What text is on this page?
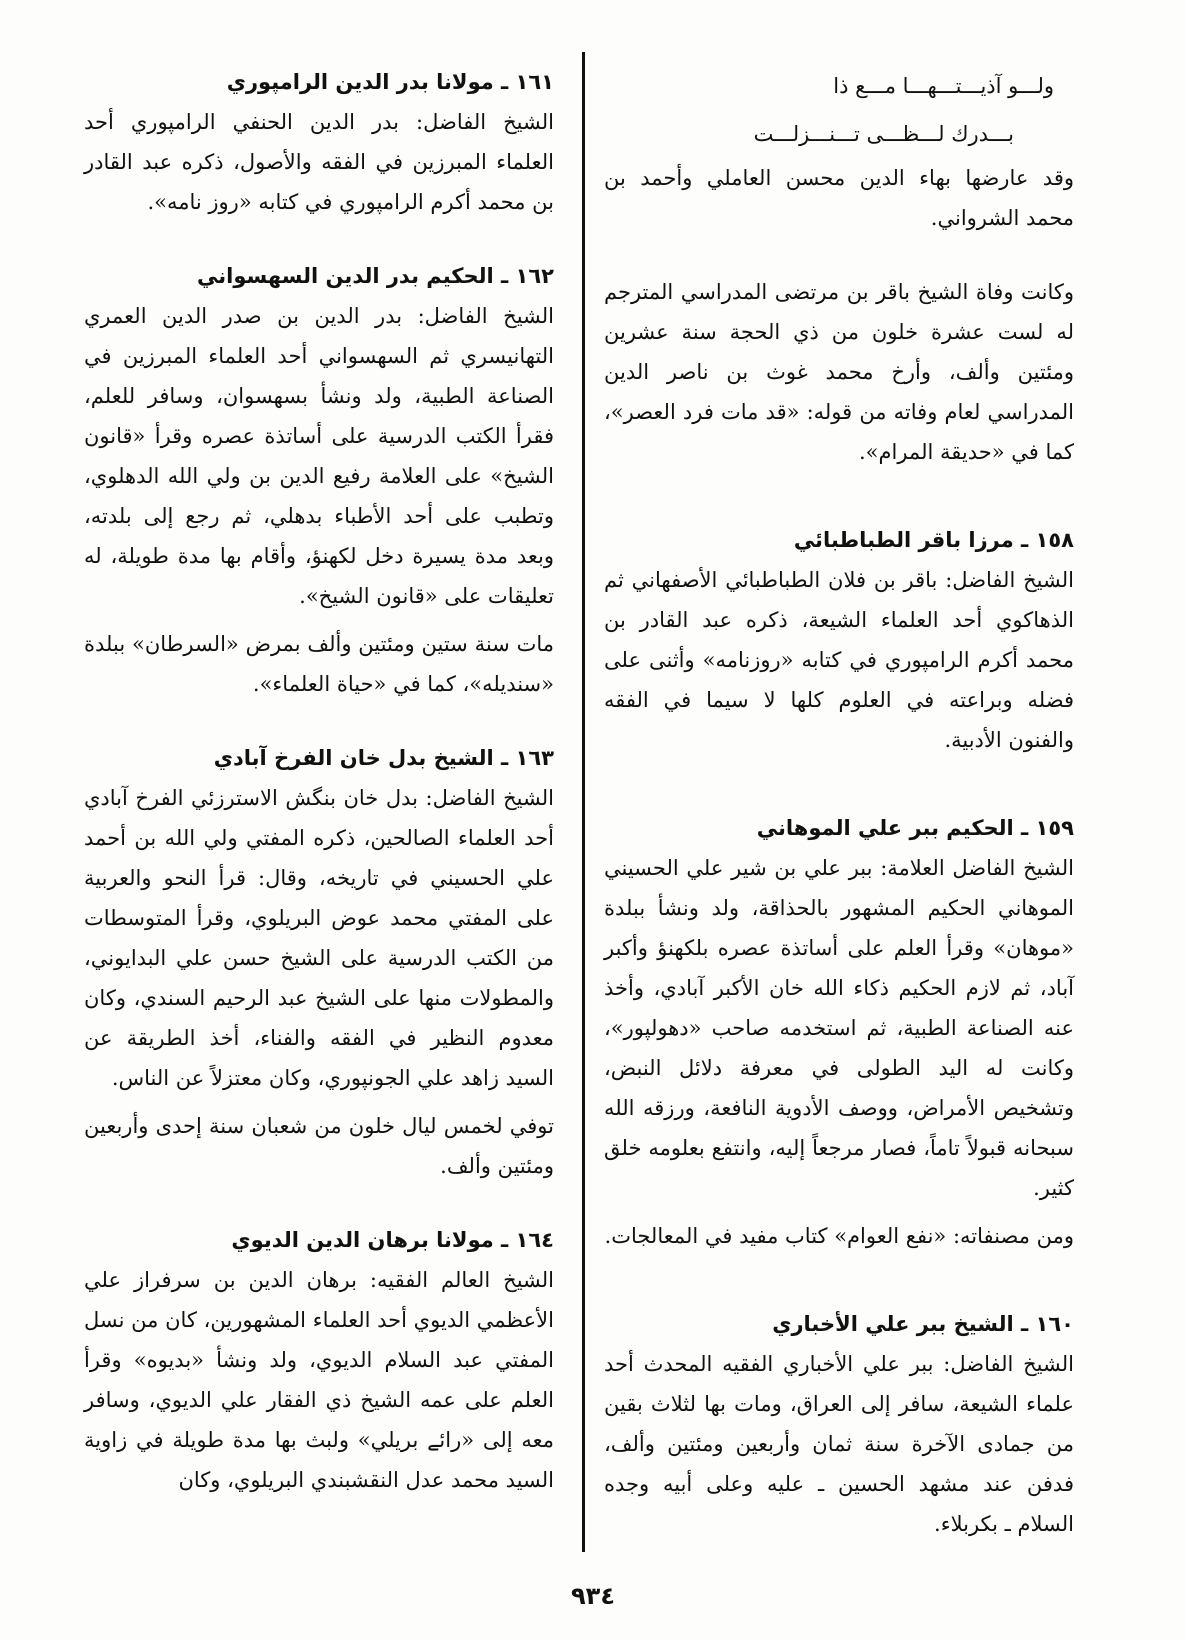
ولـــو آذيـــتـــهـــا مـــع ذا
بـــدرك لـــظـــى تـــنـــزلـــت

وقد عارضها بهاء الدين محسن العاملي وأحمد بن محمد الشرواني.

وكانت وفاة الشيخ باقر بن مرتضى المدراسي المترجم له لست عشرة خلون من ذي الحجة سنة عشرين ومئتين وألف، وأرخ محمد غوث بن ناصر الدين المدراسي لعام وفاته من قوله: «قد مات فرد العصر»، كما في «حديقة المرام».

١٥٨ ـ مرزا باقر الطباطبائي

الشيخ الفاضل: باقر بن فلان الطباطبائي الأصفهاني ثم الذهاكوي أحد العلماء الشيعة، ذكره عبد القادر بن محمد أكرم الرامپوري في كتابه «روزنامه» وأثنى على فضله وبراعته في العلوم كلها لا سيما في الفقه والفنون الأدبية.

١٥٩ ـ الحكيم ببر علي الموهاني

الشيخ الفاضل العلامة: ببر علي بن شير علي الحسيني الموهاني الحكيم المشهور بالحذاقة، ولد ونشأ ببلدة «موهان» وقرأ العلم على أساتذة عصره بلكهنؤ وأكبر آباد، ثم لازم الحكيم ذكاء الله خان الأكبر آبادي، وأخذ عنه الصناعة الطبية، ثم استخدمه صاحب «دهولپور»، وكانت له اليد الطولى في معرفة دلائل النبض، وتشخيص الأمراض، ووصف الأدوية النافعة، ورزقه الله سبحانه قبولاً تاماً، فصار مرجعاً إليه، وانتفع بعلومه خلق كثير.

ومن مصنفاته: «نفع العوام» كتاب مفيد في المعالجات.

١٦٠ ـ الشيخ ببر علي الأخباري

الشيخ الفاضل: ببر علي الأخباري الفقيه المحدث أحد علماء الشيعة، سافر إلى العراق، ومات بها لثلاث بقين من جمادى الآخرة سنة ثمان وأربعين ومئتين وألف، فدفن عند مشهد الحسين ـ عليه وعلى أبيه وجده السلام ـ بكربلاء.

١٦١ ـ مولانا بدر الدين الرامپوري

الشيخ الفاضل: بدر الدين الحنفي الرامپوري أحد العلماء المبرزين في الفقه والأصول، ذكره عبد القادر بن محمد أكرم الرامپوري في كتابه «روز نامه».

١٦٢ ـ الحكيم بدر الدين السهسواني

الشيخ الفاضل: بدر الدين بن صدر الدين العمري التهانيسري ثم السهسواني أحد العلماء المبرزين في الصناعة الطبية، ولد ونشأ بسهسوان، وسافر للعلم، فقرأ الكتب الدرسية على أساتذة عصره وقرأ «قانون الشيخ» على العلامة رفيع الدين بن ولي الله الدهلوي، وتطبب على أحد الأطباء بدهلي، ثم رجع إلى بلدته، وبعد مدة يسيرة دخل لكهنؤ، وأقام بها مدة طويلة، له تعليقات على «قانون الشيخ».

مات سنة ستين ومئتين وألف بمرض «السرطان» ببلدة «سنديله»، كما في «حياة العلماء».

١٦٣ ـ الشيخ بدل خان الفرخ آبادي

الشيخ الفاضل: بدل خان بنگش الاسترزئي الفرخ آبادي أحد العلماء الصالحين، ذكره المفتي ولي الله بن أحمد علي الحسيني في تاريخه، وقال: قرأ النحو والعربية على المفتي محمد عوض البريلوي، وقرأ المتوسطات من الكتب الدرسية على الشيخ حسن علي البدايوني، والمطولات منها على الشيخ عبد الرحيم السندي، وكان معدوم النظير في الفقه والفناء، أخذ الطريقة عن السيد زاهد علي الجونپوري، وكان معتزلاً عن الناس.

توفي لخمس ليال خلون من شعبان سنة إحدى وأربعين ومئتين وألف.

١٦٤ ـ مولانا برهان الدين الديوي

الشيخ العالم الفقيه: برهان الدين بن سرفراز علي الأعظمي الديوي أحد العلماء المشهورين، كان من نسل المفتي عبد السلام الديوي، ولد ونشأ «بديوه» وقرأ العلم على عمه الشيخ ذي الفقار علي الديوي، وسافر معه إلى «رائے بريلي» ولبث بها مدة طويلة في زاوية السيد محمد عدل النقشبندي البريلوي، وكان

٩٣٤
